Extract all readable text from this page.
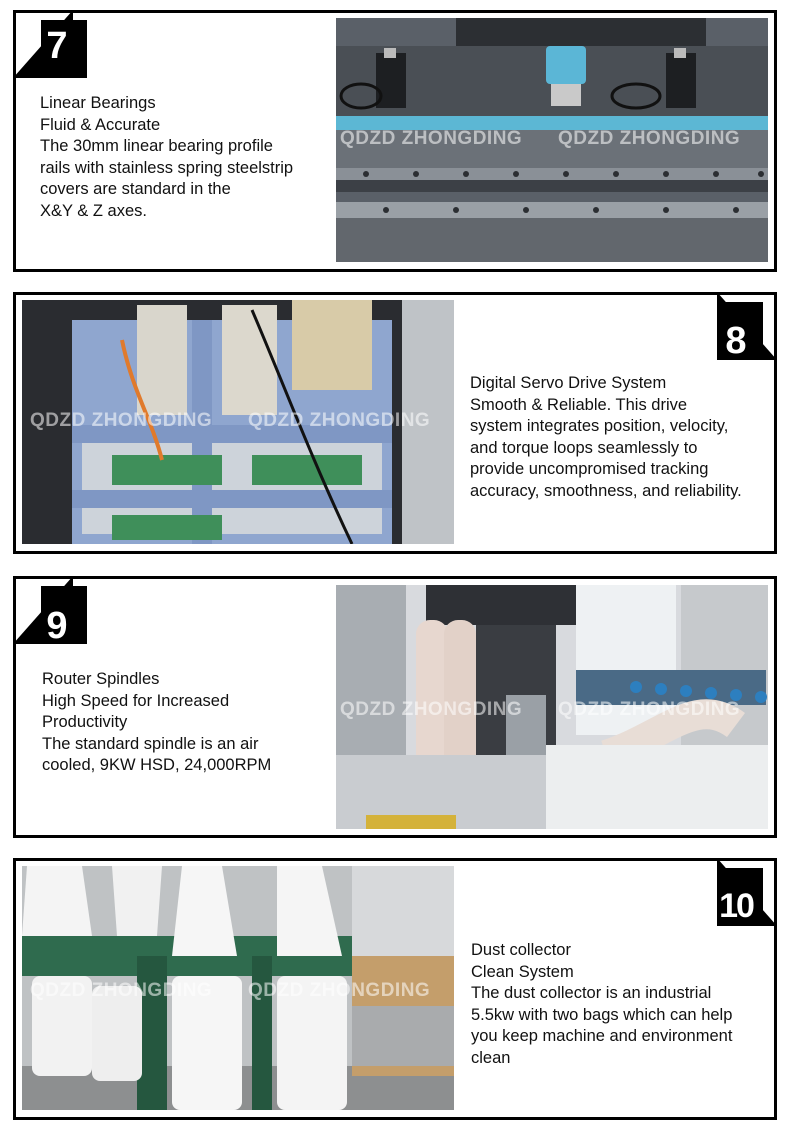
7
Linear Bearings
Fluid & Accurate
The 30mm linear bearing profile
rails with stainless spring steelstrip
covers are standard in the
X&Y & Z axes.
QDZD ZHONGDING QDZD ZHONGDING
8
Digital Servo Drive System
Smooth & Reliable. This drive
system integrates position, velocity,
and torque loops seamlessly to
provide uncompromised tracking
accuracy, smoothness, and reliability.
QDZD ZHONGDING QDZD ZHONGDING
9
Router Spindles
High Speed for Increased
Productivity
The standard spindle is an air
cooled, 9KW HSD, 24,000RPM
QDZD ZHONGDING QDZD ZHONGDING
10
Dust collector
Clean System
The dust collector is an industrial
5.5kw with two bags which can help
you keep machine and environment
clean
QDZD ZHONGDING QDZD ZHONGDING
